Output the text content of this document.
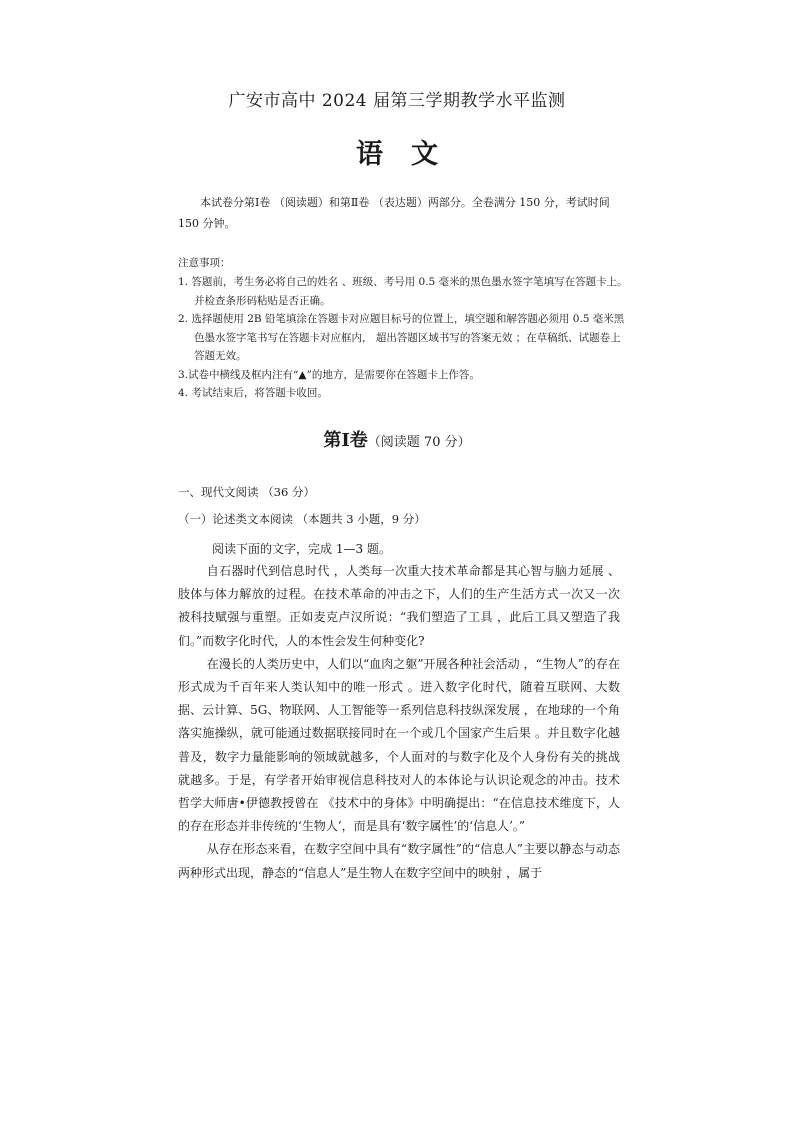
广安市高中 2024 届第三学期教学水平监测
语文
本试卷分第Ⅰ卷 （阅读题）和第Ⅱ卷 （表达题）两部分。全卷满分 150 分，考试时间 150 分钟。
注意事项：

1. 答题前，考生务必将自己的姓名 、班级、考号用 0.5 毫米的黑色墨水签字笔填写在答题卡上。并检查条形码粘贴是否正确。

2. 选择题使用 2B 铅笔填涂在答题卡对应题目标号的位置上，填空题和解答题必须用 0.5 毫米黑色墨水签字笔书写在答题卡对应框内， 超出答题区域书写的答案无效 ；在草稿纸、试题卷上答题无效。

3.试卷中横线及框内注有“▲”的地方，是需要你在答题卡上作答。

4. 考试结束后，将答题卡收回。

第Ⅰ卷（阅读题 70 分）
一、现代文阅读 （36 分）
（一）论述类文本阅读 （本题共 3 小题，9 分）
阅读下面的文字，完成 1—3 题。

自石器时代到信息时代 ，人类每一次重大技术革命都是其心智与脑力延展 、肢体与体力解放的过程。在技术革命的冲击之下，人们的生产生活方式一次又一次被科技赋强与重塑。正如麦克卢汉所说：“我们塑造了工具 ，此后工具又塑造了我们。”而数字化时代，人的本性会发生何种变化?

在漫长的人类历史中，人们以“血肉之躯”开展各种社会活动 ，“生物人”的存在形式成为千百年来人类认知中的唯一形式 。进入数字化时代，随着互联网、大数据、云计算、5G、物联网、人工智能等一系列信息科技纵深发展 ，在地球的一个角落实施操纵，就可能通过数据联接同时在一个或几个国家产生后果 。并且数字化越普及，数字力量能影响的领域就越多，个人面对的与数字化及个人身份有关的挑战就越多。于是，有学者开始审视信息科技对人的本体论与认识论观念的冲击。技术哲学大师唐•伊德教授曾在 《技术中的身体》中明确提出：“在信息技术维度下，人的存在形态并非传统的‘生物人’，而是具有‘数字属性’的‘信息人’。”

从存在形态来看，在数字空间中具有“数字属性”的“信息人”主要以静态与动态两种形式出现，静态的“信息人”是生物人在数字空间中的映射 ，属于
